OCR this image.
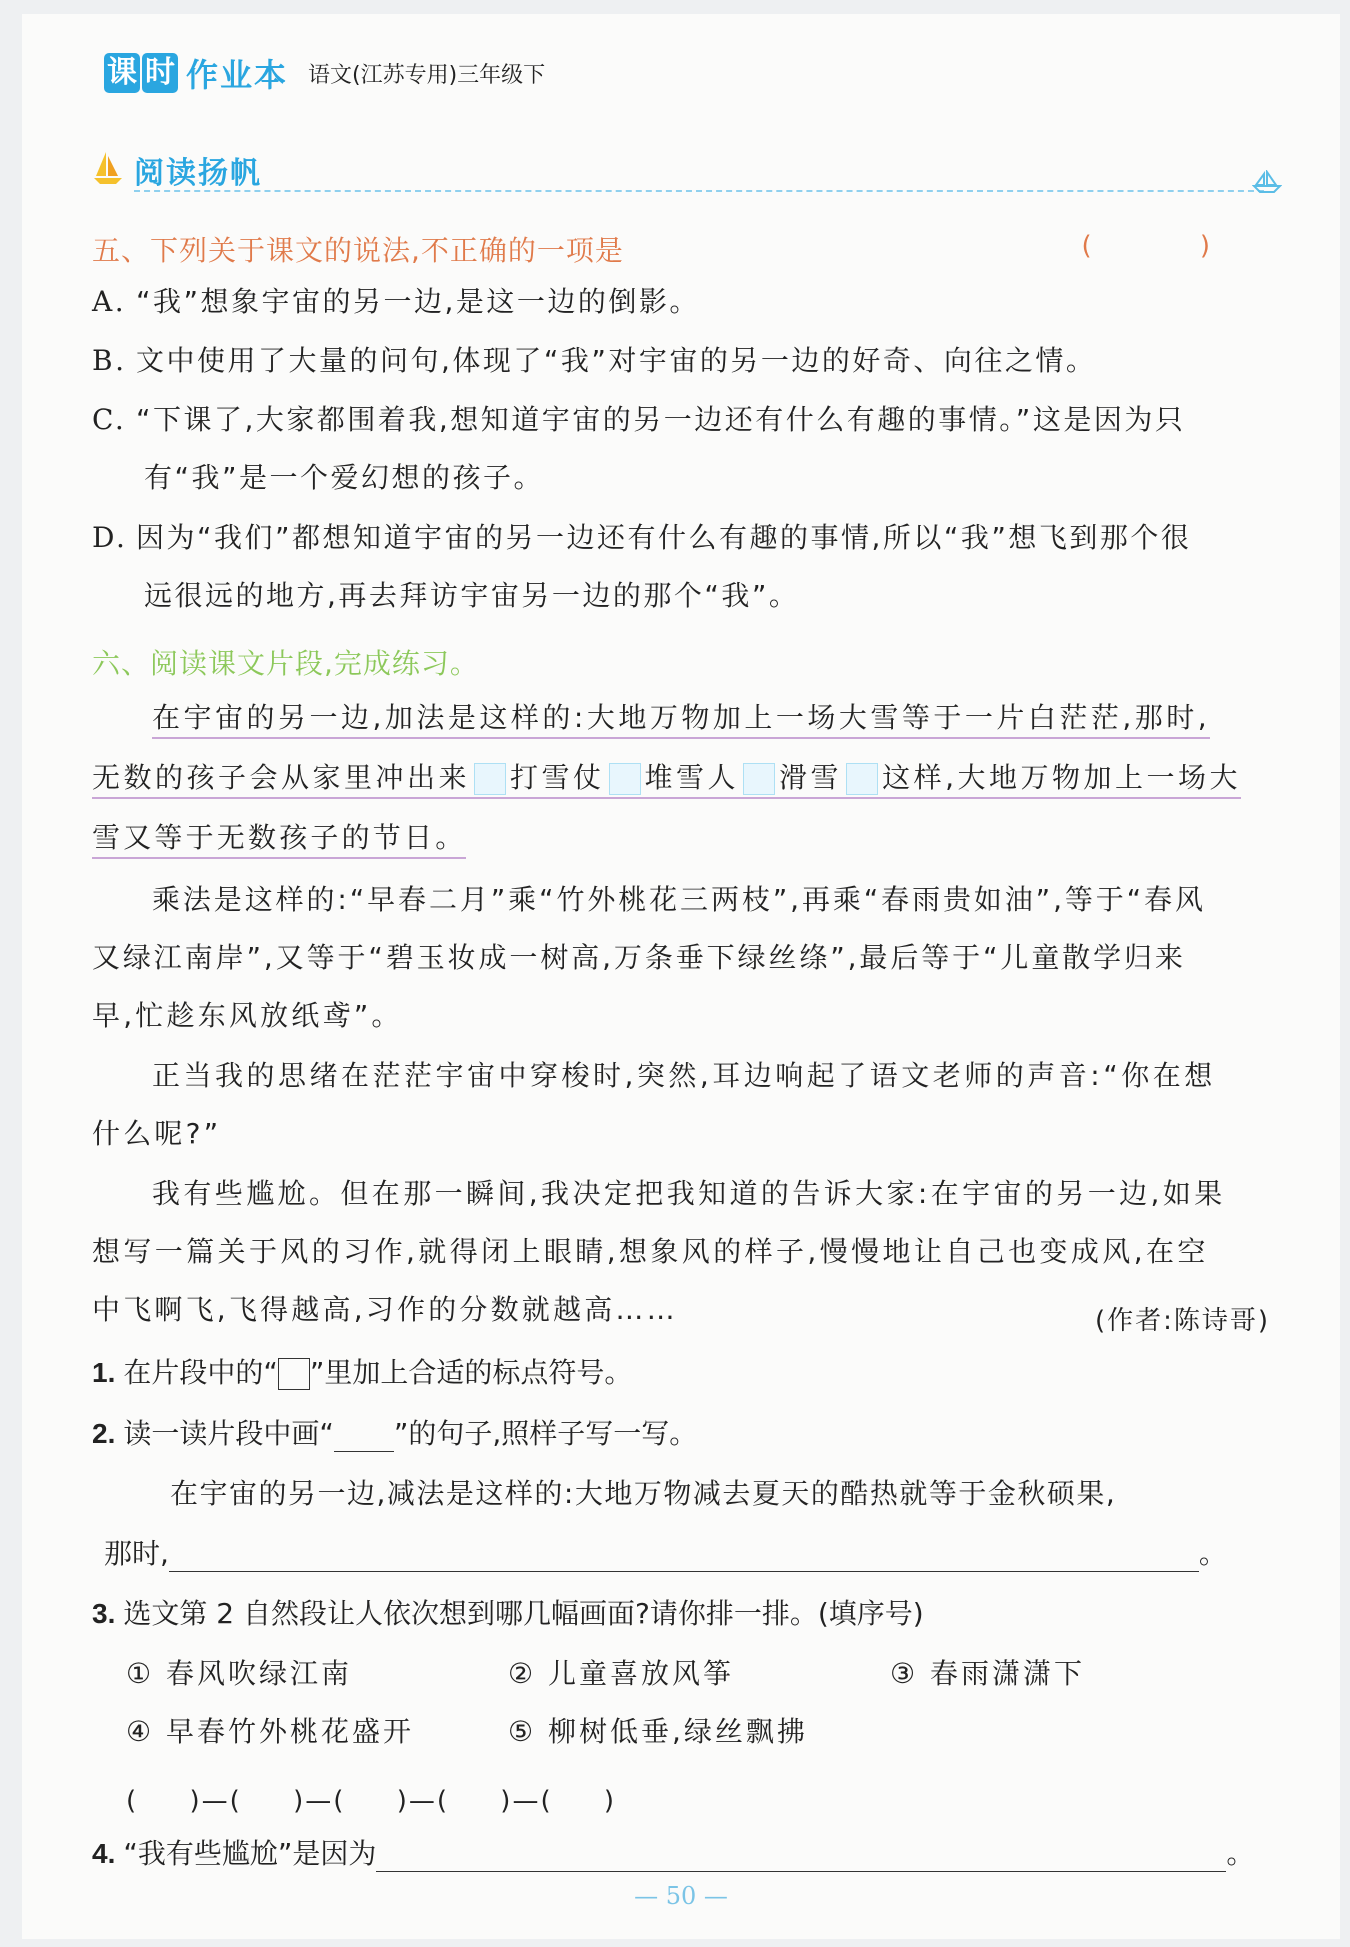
课 时 作业本 语文(江苏专用)三年级下
阅读扬帆
五、下列关于课文的说法,不正确的一项是	( )
A. “我”想象宇宙的另一边,是这一边的倒影。
B. 文中使用了大量的问句,体现了“我”对宇宙的另一边的好奇、向往之情。
C. “下课了,大家都围着我,想知道宇宙的另一边还有什么有趣的事情。”这是因为只
有“我”是一个爱幻想的孩子。
D. 因为“我们”都想知道宇宙的另一边还有什么有趣的事情,所以“我”想飞到那个很
远很远的地方,再去拜访宇宙另一边的那个“我”。
六、阅读课文片段,完成练习。
在宇宙的另一边,加法是这样的:大地万物加上一场大雪等于一片白茫茫,那时,
无数的孩子会从家里冲出来 打雪仗 堆雪人 滑雪 这样,大地万物加上一场大
雪又等于无数孩子的节日。
乘法是这样的:“早春二月”乘“竹外桃花三两枝”,再乘“春雨贵如油”,等于“春风
又绿江南岸”,又等于“碧玉妆成一树高,万条垂下绿丝绦”,最后等于“儿童散学归来
早,忙趁东风放纸鸢”。
正当我的思绪在茫茫宇宙中穿梭时,突然,耳边响起了语文老师的声音:“你在想
什么呢?”
我有些尴尬。但在那一瞬间,我决定把我知道的告诉大家:在宇宙的另一边,如果
想写一篇关于风的习作,就得闭上眼睛,想象风的样子,慢慢地让自己也变成风,在空
中飞啊飞,飞得越高,习作的分数就越高……	(作者:陈诗哥)
1. 在片段中的“ ”里加上合适的标点符号。
2. 读一读片段中画“ ”的句子,照样子写一写。
在宇宙的另一边,减法是这样的:大地万物减去夏天的酷热就等于金秋硕果,
那时,	。
3. 选文第 2 自然段让人依次想到哪几幅画面?请你排一排。(填序号)
① 春风吹绿江南	② 儿童喜放风筝	③ 春雨潇潇下
④ 早春竹外桃花盛开	⑤ 柳树低垂,绿丝飘拂
(     )—(     )—(     )—(     )—(     )
4. “我有些尴尬”是因为	。
— 50 —
